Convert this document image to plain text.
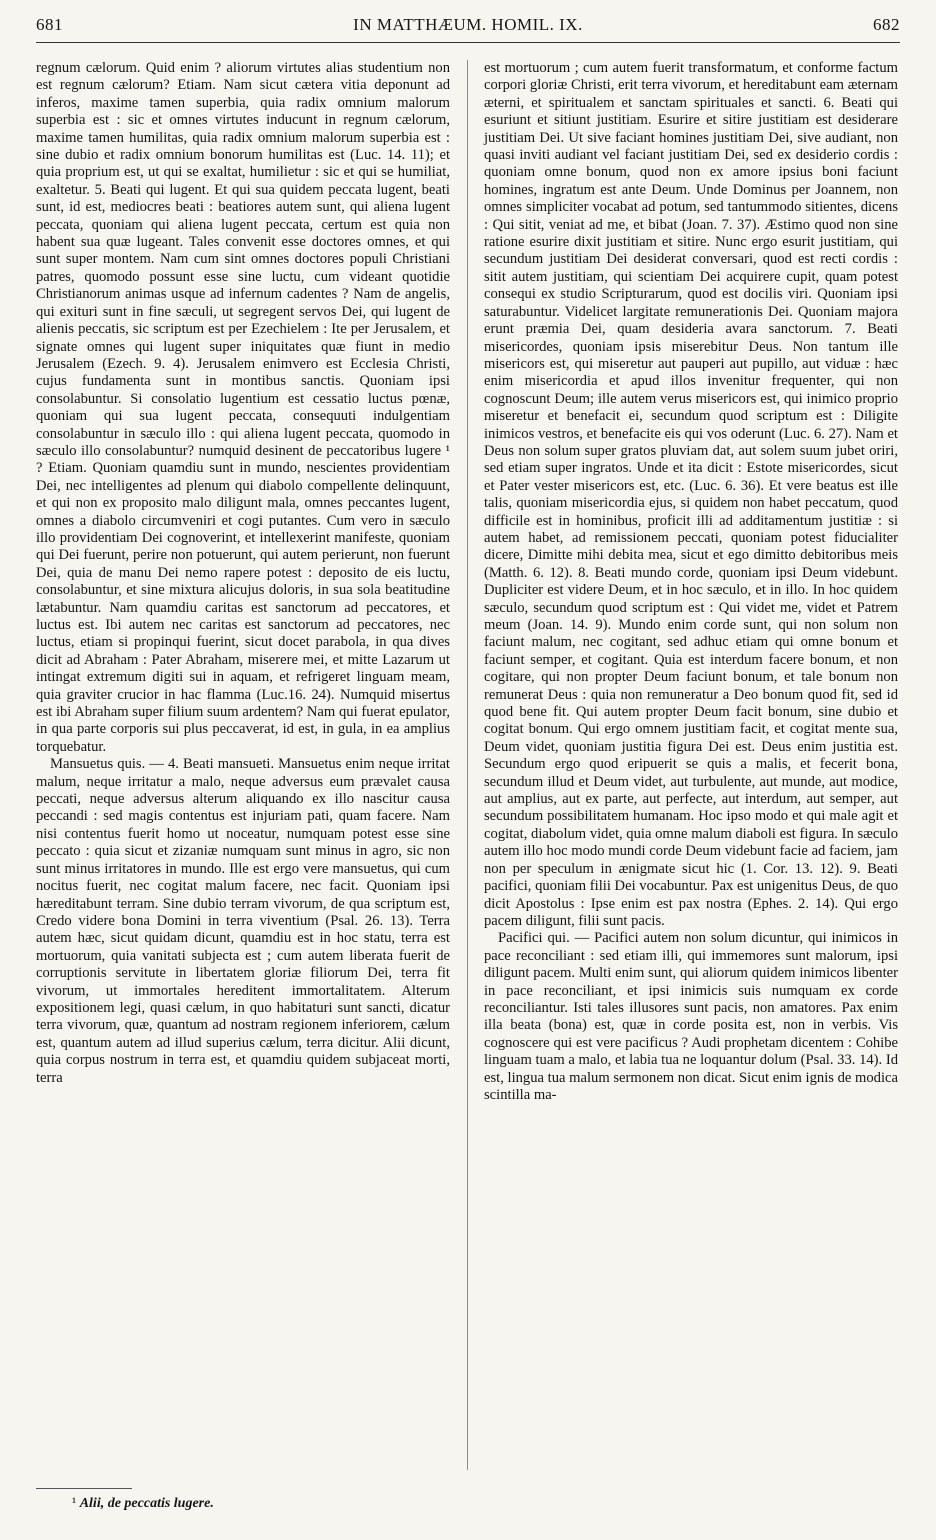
681	IN MATTHÆUM. HOMIL. IX.	682

regnum cælorum. Quid enim ? aliorum virtutes alias studentium non est regnum cælorum? Etiam. Nam sicut cætera vitia deponunt ad inferos, maxime tamen superbia, quia radix omnium malorum superbia est : sic et omnes virtutes inducunt in regnum cælorum, maxime tamen humilitas, quia radix omnium malorum superbia est : sine dubio et radix omnium bonorum humilitas est (Luc. 14. 11); et quia proprium est, ut qui se exaltat, humilietur : sic et qui se humiliat, exaltetur. 5. Beati qui lugent. Et qui sua quidem peccata lugent, beati sunt, id est, mediocres beati : beatiores autem sunt, qui aliena lugent peccata, quoniam qui aliena lugent peccata, certum est quia non habent sua quæ lugeant. Tales convenit esse doctores omnes, et qui sunt super montem. Nam cum sint omnes doctores populi Christiani patres, quomodo possunt esse sine luctu, cum videant quotidie Christianorum animas usque ad infernum cadentes ? Nam de angelis, qui exituri sunt in fine sæculi, ut segregent servos Dei, qui lugent de alienis peccatis, sic scriptum est per Ezechielem : Ite per Jerusalem, et signate omnes qui lugent super iniquitates quæ fiunt in medio Jerusalem (Ezech. 9. 4). Jerusalem enimvero est Ecclesia Christi, cujus fundamenta sunt in montibus sanctis. Quoniam ipsi consolabuntur. Si consolatio lugentium est cessatio luctus pœnæ, quoniam qui sua lugent peccata, consequuti indulgentiam consolabuntur in sæculo illo : qui aliena lugent peccata, quomodo in sæculo illo consolabuntur? numquid desinent de peccatoribus lugere ¹ ? Etiam. Quoniam quamdiu sunt in mundo, nescientes providentiam Dei, nec intelligentes ad plenum qui diabolo compellente delinquunt, et qui non ex proposito malo diligunt mala, omnes peccantes lugent, omnes a diabolo circumveniri et cogi putantes. Cum vero in sæculo illo providentiam Dei cognoverint, et intellexerint manifeste, quoniam qui Dei fuerunt, perire non potuerunt, qui autem perierunt, non fuerunt Dei, quia de manu Dei nemo rapere potest : deposito de eis luctu, consolabuntur, et sine mixtura alicujus doloris, in sua sola beatitudine lætabuntur. Nam quamdiu caritas est sanctorum ad peccatores, et luctus est. Ibi autem nec caritas est sanctorum ad peccatores, nec luctus, etiam si propinqui fuerint, sicut docet parabola, in qua dives dicit ad Abraham : Pater Abraham, miserere mei, et mitte Lazarum ut intingat extremum digiti sui in aquam, et refrigeret linguam meam, quia graviter crucior in hac flamma (Luc.16. 24). Numquid misertus est ibi Abraham super filium suum ardentem? Nam qui fuerat epulator, in qua parte corporis sui plus peccaverat, id est, in gula, in ea amplius torquebatur.

Mansuetus quis. — 4. Beati mansueti. Mansuetus enim neque irritat malum, neque irritatur a malo, neque adversus eum prævalet causa peccati, neque adversus alterum aliquando ex illo nascitur causa peccandi : sed magis contentus est injuriam pati, quam facere. Nam nisi contentus fuerit homo ut noceatur, numquam potest esse sine peccato : quia sicut et zizaniæ numquam sunt minus in agro, sic non sunt minus irritatores in mundo. Ille est ergo vere mansuetus, qui cum nocitus fuerit, nec cogitat malum facere, nec facit. Quoniam ipsi hæreditabunt terram. Sine dubio terram vivorum, de qua scriptum est, Credo videre bona Domini in terra viventium (Psal. 26. 13). Terra autem hæc, sicut quidam dicunt, quamdiu est in hoc statu, terra est mortuorum, quia vanitati subjecta est ; cum autem liberata fuerit de corruptionis servitute in libertatem gloriæ filiorum Dei, terra fit vivorum, ut immortales hereditent immortalitatem. Alterum expositionem legi, quasi cælum, in quo habitaturi sunt sancti, dicatur terra vivorum, quæ, quantum ad nostram regionem inferiorem, cælum est, quantum autem ad illud superius cælum, terra dicitur. Alii dicunt, quia corpus nostrum in terra est, et quamdiu quidem subjaceat morti, terra

est mortuorum ; cum autem fuerit transformatum, et conforme factum corpori gloriæ Christi, erit terra vivorum, et hereditabunt eam æternam æterni, et spiritualem et sanctam spirituales et sancti. 6. Beati qui esuriunt et sitiunt justitiam. Esurire et sitire justitiam est desiderare justitiam Dei. Ut sive faciant homines justitiam Dei, sive audiant, non quasi inviti audiant vel faciant justitiam Dei, sed ex desiderio cordis : quoniam omne bonum, quod non ex amore ipsius boni faciunt homines, ingratum est ante Deum. Unde Dominus per Joannem, non omnes simpliciter vocabat ad potum, sed tantummodo sitientes, dicens : Qui sitit, veniat ad me, et bibat (Joan. 7. 37). Æstimo quod non sine ratione esurire dixit justitiam et sitire. Nunc ergo esurit justitiam, qui secundum justitiam Dei desiderat conversari, quod est recti cordis : sitit autem justitiam, qui scientiam Dei acquirere cupit, quam potest consequi ex studio Scripturarum, quod est docilis viri. Quoniam ipsi saturabuntur. Videlicet largitate remunerationis Dei. Quoniam majora erunt præmia Dei, quam desideria avara sanctorum. 7. Beati misericordes, quoniam ipsis miserebitur Deus. Non tantum ille misericors est, qui miseretur aut pauperi aut pupillo, aut viduæ : hæc enim misericordia et apud illos invenitur frequenter, qui non cognoscunt Deum; ille autem verus misericors est, qui inimico proprio miseretur et benefacit ei, secundum quod scriptum est : Diligite inimicos vestros, et benefacite eis qui vos oderunt (Luc. 6. 27). Nam et Deus non solum super gratos pluviam dat, aut solem suum jubet oriri, sed etiam super ingratos. Unde et ita dicit : Estote misericordes, sicut et Pater vester misericors est, etc. (Luc. 6. 36). Et vere beatus est ille talis, quoniam misericordia ejus, si quidem non habet peccatum, quod difficile est in hominibus, proficit illi ad additamentum justitiæ : si autem habet, ad remissionem peccati, quoniam potest fiducialiter dicere, Dimitte mihi debita mea, sicut et ego dimitto debitoribus meis (Matth. 6. 12). 8. Beati mundo corde, quoniam ipsi Deum videbunt. Dupliciter est videre Deum, et in hoc sæculo, et in illo. In hoc quidem sæculo, secundum quod scriptum est : Qui videt me, videt et Patrem meum (Joan. 14. 9). Mundo enim corde sunt, qui non solum non faciunt malum, nec cogitant, sed adhuc etiam qui omne bonum et faciunt semper, et cogitant. Quia est interdum facere bonum, et non cogitare, qui non propter Deum faciunt bonum, et tale bonum non remunerat Deus : quia non remuneratur a Deo bonum quod fit, sed id quod bene fit. Qui autem propter Deum facit bonum, sine dubio et cogitat bonum. Qui ergo omnem justitiam facit, et cogitat mente sua, Deum videt, quoniam justitia figura Dei est. Deus enim justitia est. Secundum ergo quod eripuerit se quis a malis, et fecerit bona, secundum illud et Deum videt, aut turbulente, aut munde, aut modice, aut amplius, aut ex parte, aut perfecte, aut interdum, aut semper, aut secundum possibilitatem humanam. Hoc ipso modo et qui male agit et cogitat, diabolum videt, quia omne malum diaboli est figura. In sæculo autem illo hoc modo mundi corde Deum videbunt facie ad faciem, jam non per speculum in ænigmate sicut hic (1. Cor. 13. 12). 9. Beati pacifici, quoniam filii Dei vocabuntur. Pax est unigenitus Deus, de quo dicit Apostolus : Ipse enim est pax nostra (Ephes. 2. 14). Qui ergo pacem diligunt, filii sunt pacis.

Pacifici qui. — Pacifici autem non solum dicuntur, qui inimicos in pace reconciliant : sed etiam illi, qui immemores sunt malorum, ipsi diligunt pacem. Multi enim sunt, qui aliorum quidem inimicos libenter in pace reconciliant, et ipsi inimicis suis numquam ex corde reconciliantur. Isti tales illusores sunt pacis, non amatores. Pax enim illa beata (bona) est, quæ in corde posita est, non in verbis. Vis cognoscere qui est vere pacificus ? Audi prophetam dicentem : Cohibe linguam tuam a malo, et labia tua ne loquantur dolum (Psal. 33. 14). Id est, lingua tua malum sermonem non dicat. Sicut enim ignis de modica scintilla ma-

¹ Alii, de peccatis lugere.
